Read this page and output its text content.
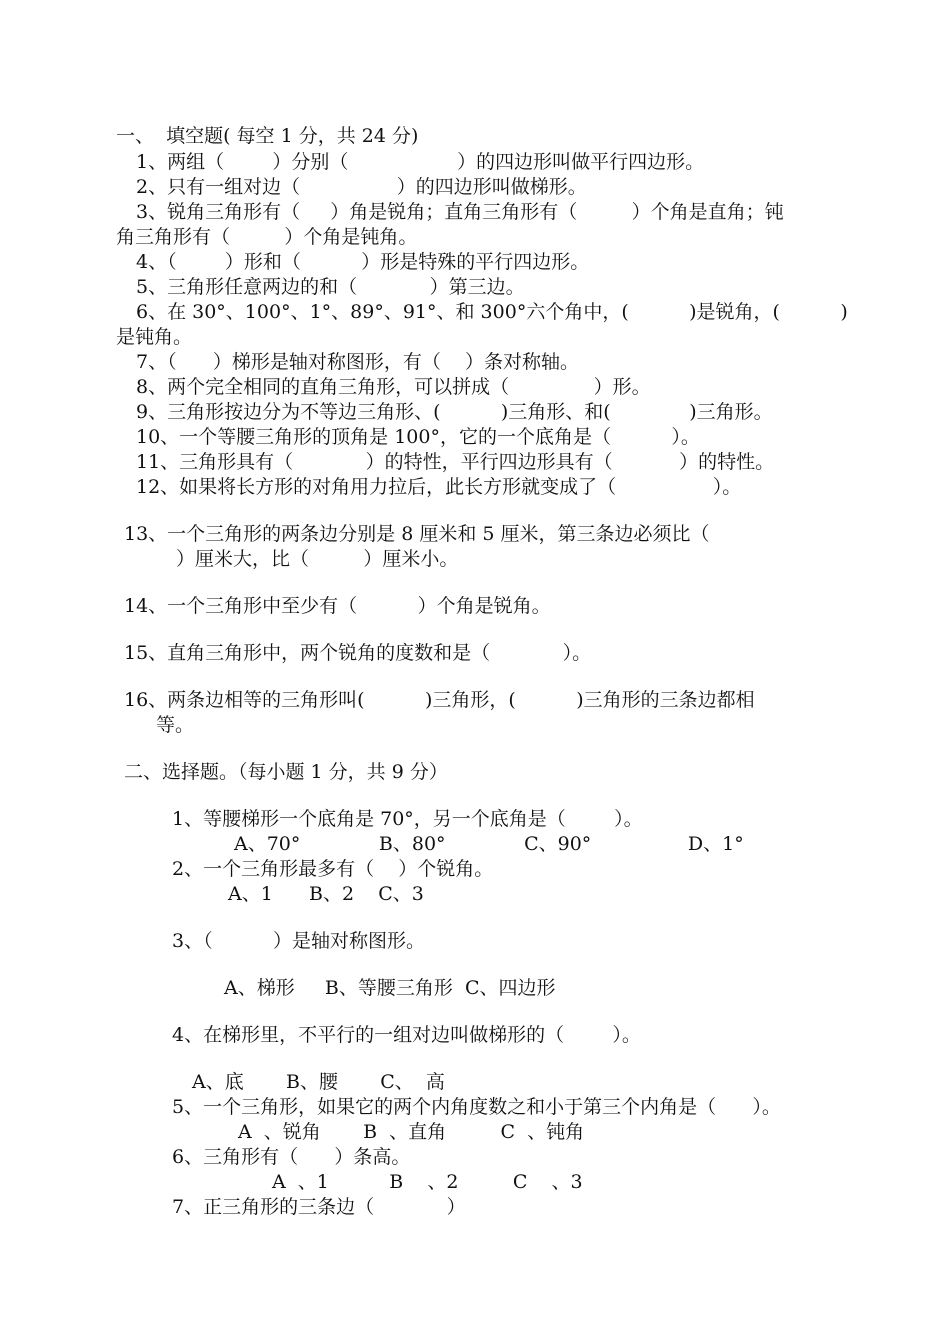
一、  填空题( 每空 1 分，共 24 分)
1、两组（        ）分别（                  ）的四边形叫做平行四边形。
2、只有一组对边（                ）的四边形叫做梯形。
3、锐角三角形有（     ）角是锐角；直角三角形有（         ）个角是直角；钝
角三角形有（         ）个角是钝角。
4、（        ）形和（          ）形是特殊的平行四边形。
5、三角形任意两边的和（            ）第三边。
6、在 30°、100°、1°、89°、91°、和 300°六个角中，(          )是锐角，(          )
是钝角。
7、（      ）梯形是轴对称图形，有（    ）条对称轴。
8、两个完全相同的直角三角形，可以拼成（              ）形。
9、三角形按边分为不等边三角形、(          )三角形、和(             )三角形。
10、一个等腰三角形的顶角是 100°，它的一个底角是（          ）。
11、三角形具有（            ）的特性，平行四边形具有（           ）的特性。
12、如果将长方形的对角用力拉后，此长方形就变成了（                ）。
13、一个三角形的两条边分别是 8 厘米和 5 厘米，第三条边必须比（
）厘米大，比（         ）厘米小。
14、一个三角形中至少有（          ）个角是锐角。
15、直角三角形中，两个锐角的度数和是（            ）。
16、两条边相等的三角形叫(          )三角形，(          )三角形的三条边都相
等。
二、选择题。（每小题 1 分，共 9 分）
1、等腰梯形一个底角是 70°，另一个底角是（        ）。
A、70°             B、80°             C、90°                D、1°
2、一个三角形最多有（    ）个锐角。
A、1      B、2    C、3
3、（          ）是轴对称图形。
A、梯形     B、等腰三角形  C、四边形
4、在梯形里，不平行的一组对边叫做梯形的（        ）。
A、底       B、腰       C、  高
5、一个三角形，如果它的两个内角度数之和小于第三个内角是（      ）。
A  、锐角       B  、直角         C  、钝角
6、三角形有（      ）条高。
A  、1          B    、2         C    、3
7、正三角形的三条边（            ）
